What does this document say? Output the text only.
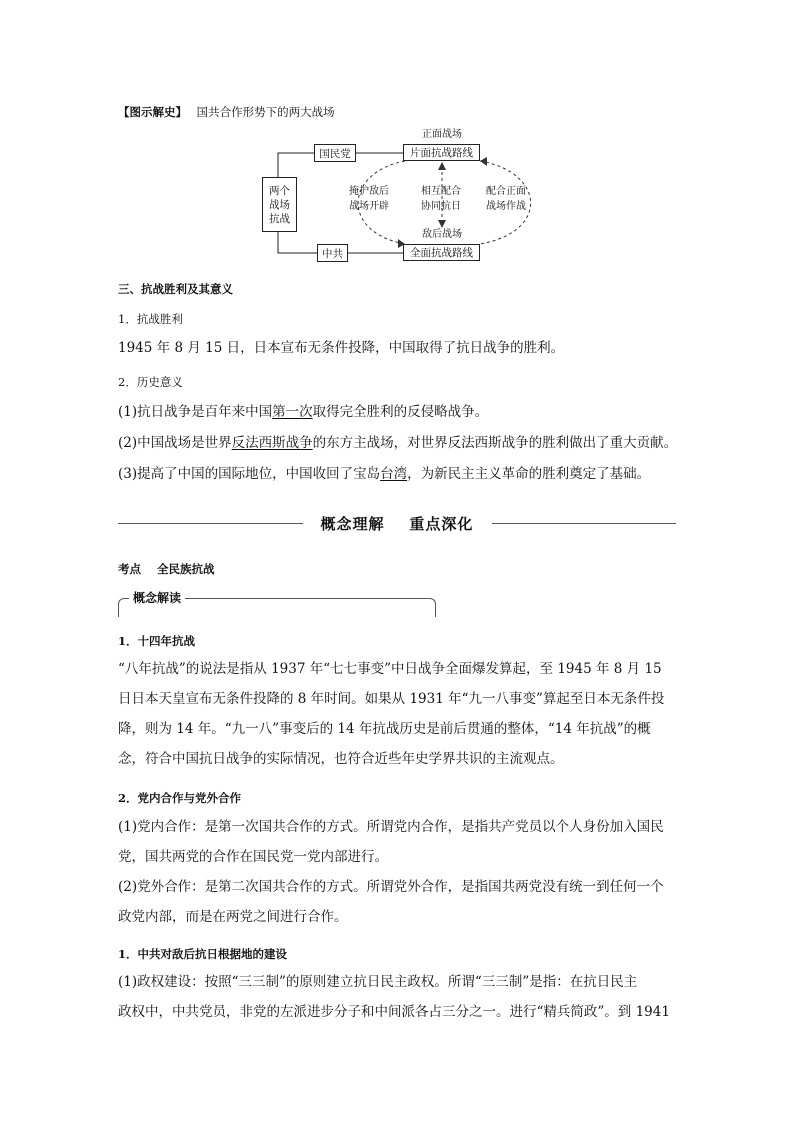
【图示解史】 国共合作形势下的两大战场
两个
战场
抗战
国民党
中共
正面战场
片面抗战路线
敌后战场
全面抗战路线
掩护敌后
战场开辟
相互配合
协同抗日
配合正面
战场作战
三、抗战胜利及其意义
1．抗战胜利
1945 年 8 月 15 日，日本宣布无条件投降，中国取得了抗日战争的胜利。
2．历史意义
(1)抗日战争是百年来中国第一次取得完全胜利的反侵略战争。
(2)中国战场是世界反法西斯战争的东方主战场，对世界反法西斯战争的胜利做出了重大贡献。
(3)提高了中国的国际地位，中国收回了宝岛台湾，为新民主主义革命的胜利奠定了基础。
概念理解    重点深化
考点    全民族抗战
概念解读
1．十四年抗战
“八年抗战”的说法是指从 1937 年“七七事变”中日战争全面爆发算起，至 1945 年 8 月 15
日日本天皇宣布无条件投降的 8 年时间。如果从 1931 年“九一八事变”算起至日本无条件投
降，则为 14 年。“九一八”事变后的 14 年抗战历史是前后贯通的整体，“14 年抗战”的概
念，符合中国抗日战争的实际情况，也符合近些年史学界共识的主流观点。
2．党内合作与党外合作
(1)党内合作：是第一次国共合作的方式。所谓党内合作，是指共产党员以个人身份加入国民
党，国共两党的合作在国民党一党内部进行。
(2)党外合作：是第二次国共合作的方式。所谓党外合作，是指国共两党没有统一到任何一个
政党内部，而是在两党之间进行合作。
1．中共对敌后抗日根据地的建设
(1)政权建设：按照“三三制”的原则建立抗日民主政权。所谓“三三制”是指：在抗日民主
政权中，中共党员，非党的左派进步分子和中间派各占三分之一。进行“精兵简政”。到 1941
